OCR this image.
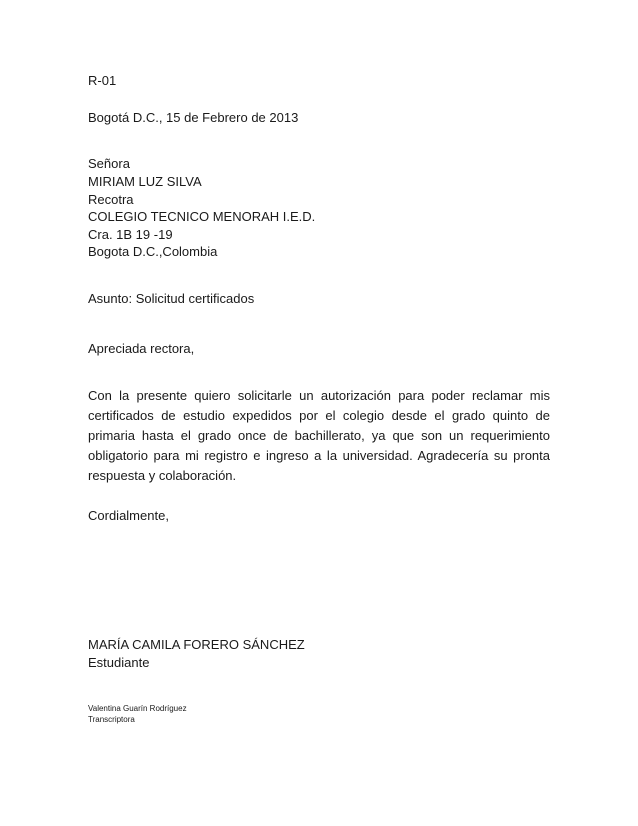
R-01
Bogotá D.C., 15 de Febrero de 2013
Señora
MIRIAM LUZ SILVA
Recotra
COLEGIO TECNICO MENORAH I.E.D.
Cra. 1B 19 -19
Bogota D.C.,Colombia
Asunto: Solicitud certificados
Apreciada rectora,
Con la presente quiero solicitarle un autorización para poder reclamar mis certificados de estudio expedidos por el colegio desde el grado quinto de primaria hasta el grado once de bachillerato, ya que son un requerimiento obligatorio para mi registro e ingreso a la universidad. Agradecería su pronta respuesta y colaboración.
Cordialmente,
MARÍA CAMILA FORERO SÁNCHEZ
Estudiante
Valentina Guarín Rodríguez
Transcriptora
